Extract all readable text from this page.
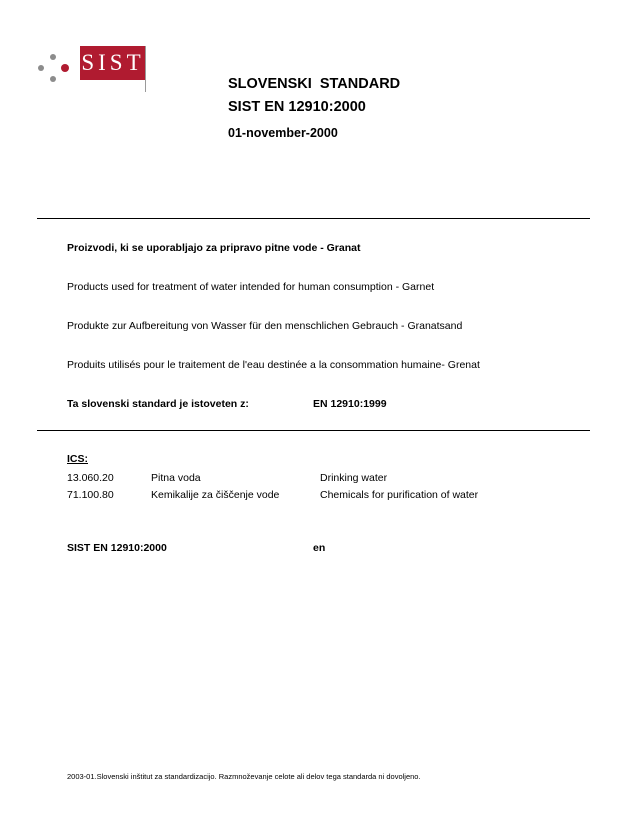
SIST
SLOVENSKI  STANDARD
SIST EN 12910:2000
01-november-2000
Proizvodi, ki se uporabljajo za pripravo pitne vode - Granat
Products used for treatment of water intended for human consumption - Garnet
Produkte zur Aufbereitung von Wasser für den menschlichen Gebrauch - Granatsand
Produits utilisés pour le traitement de l'eau destinée a la consommation humaine- Grenat
Ta slovenski standard je istoveten z:	EN 12910:1999
ICS:
13.060.20	Pitna voda	Drinking water
71.100.80	Kemikalije za čiščenje vode	Chemicals for purification of water
SIST EN 12910:2000	en
2003-01.Slovenski inštitut za standardizacijo. Razmnoževanje celote ali delov tega standarda ni dovoljeno.
